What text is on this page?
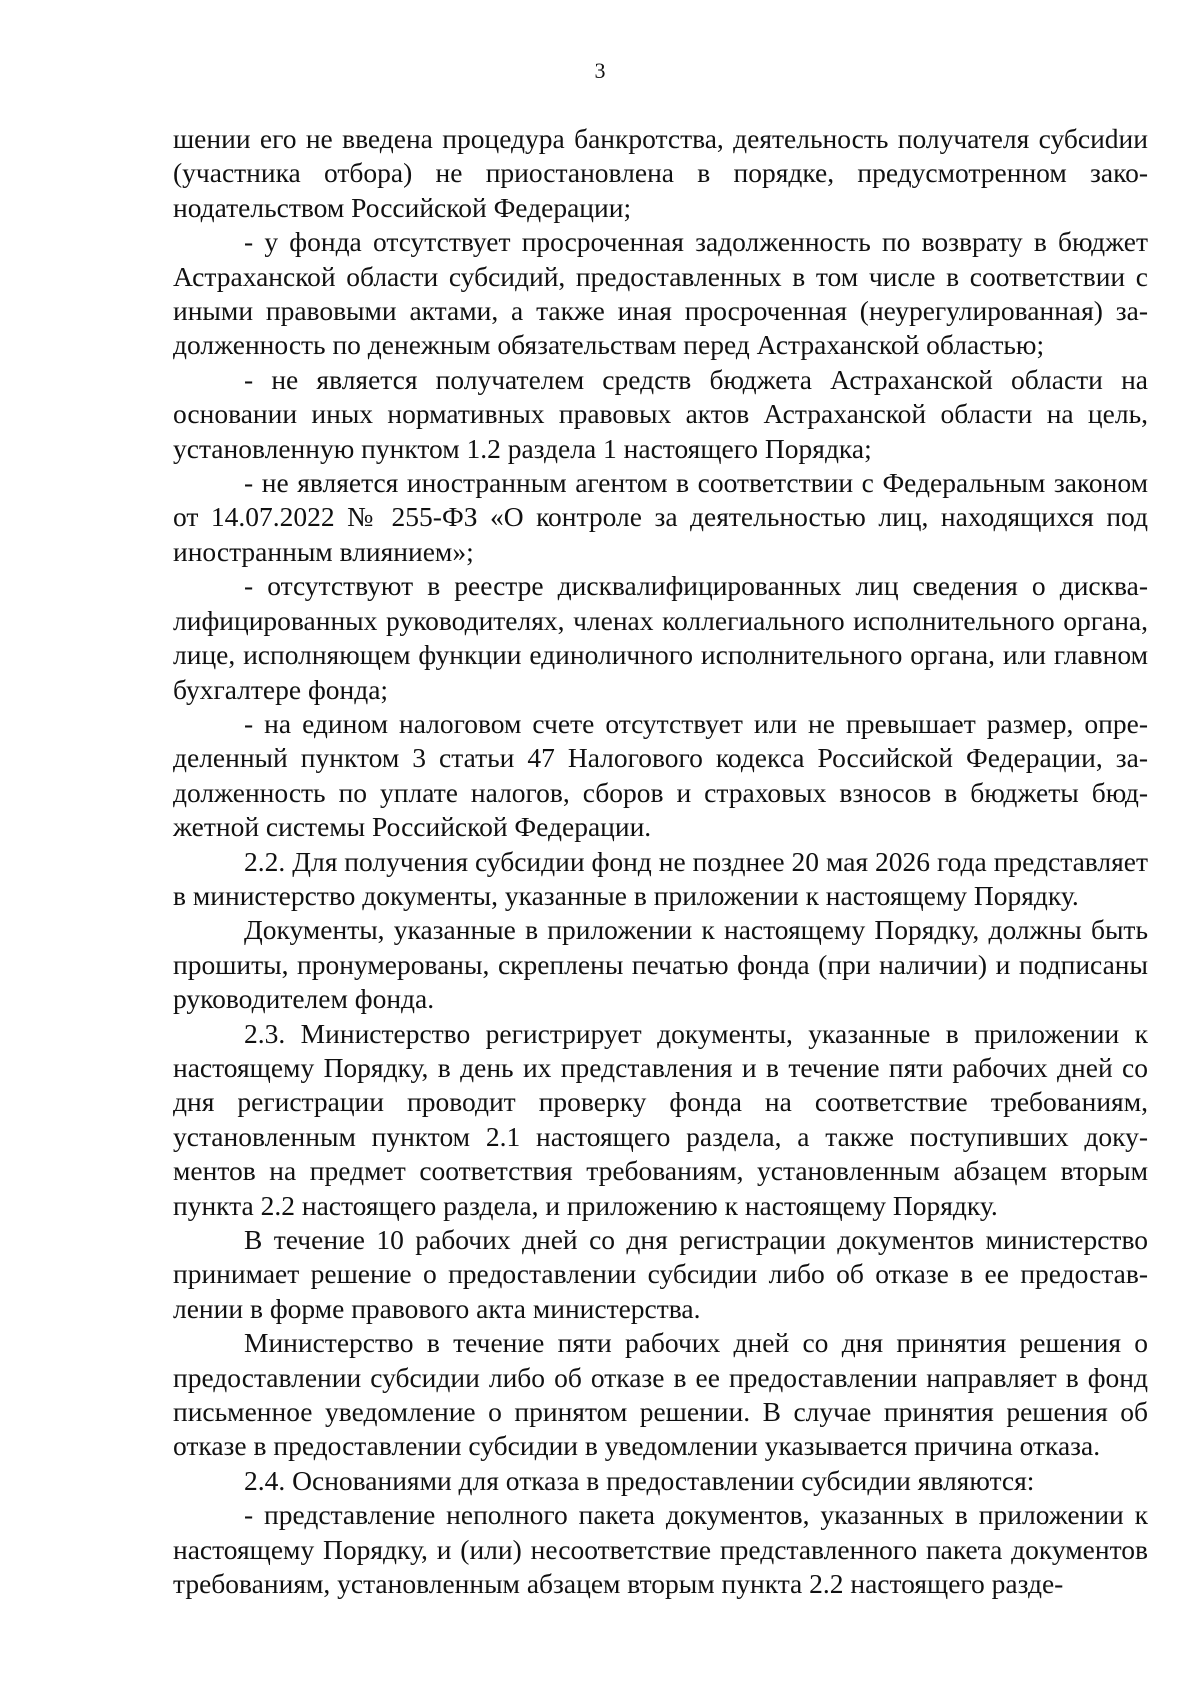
3

шении его не введена процедура банкротства, деятельность получателя субсиdии (участника отбора) не приостановлена в порядке, предусмотренном законодательством Российской Федерации;

- у фонда отсутствует просроченная задолженность по возврату в бюджет Астраханской области субсидий, предоставленных в том числе в соответствии с иными правовыми актами, а также иная просроченная (неурегулированная) задолженность по денежным обязательствам перед Астраханской областью;

- не является получателем средств бюджета Астраханской области на основании иных нормативных правовых актов Астраханской области на цель, установленную пунктом 1.2 раздела 1 настоящего Порядка;

- не является иностранным агентом в соответствии с Федеральным законом от 14.07.2022 № 255-ФЗ «О контроле за деятельностью лиц, находящихся под иностранным влиянием»;

- отсутствуют в реестре дисквалифицированных лиц сведения о дисквалифицированных руководителях, членах коллегиального исполнительного органа, лице, исполняющем функции единоличного исполнительного органа, или главном бухгалтере фонда;

- на едином налоговом счете отсутствует или не превышает размер, определенный пунктом 3 статьи 47 Налогового кодекса Российской Федерации, задолженность по уплате налогов, сборов и страховых взносов в бюджеты бюджетной системы Российской Федерации.

2.2. Для получения субсидии фонд не позднее 20 мая 2026 года представляет в министерство документы, указанные в приложении к настоящему Порядку.

Документы, указанные в приложении к настоящему Порядку, должны быть прошиты, пронумерованы, скреплены печатью фонда (при наличии) и подписаны руководителем фонда.

2.3. Министерство регистрирует документы, указанные в приложении к настоящему Порядку, в день их представления и в течение пяти рабочих дней со дня регистрации проводит проверку фонда на соответствие требованиям, установленным пунктом 2.1 настоящего раздела, а также поступивших документов на предмет соответствия требованиям, установленным абзацем вторым пункта 2.2 настоящего раздела, и приложению к настоящему Порядку.

В течение 10 рабочих дней со дня регистрации документов министерство принимает решение о предоставлении субсидии либо об отказе в ее предоставлении в форме правового акта министерства.

Министерство в течение пяти рабочих дней со дня принятия решения о предоставлении субсидии либо об отказе в ее предоставлении направляет в фонд письменное уведомление о принятом решении. В случае принятия решения об отказе в предоставлении субсидии в уведомлении указывается причина отказа.

2.4. Основаниями для отказа в предоставлении субсидии являются:

- представление неполного пакета документов, указанных в приложении к настоящему Порядку, и (или) несоответствие представленного пакета документов требованиям, установленным абзацем вторым пункта 2.2 настоящего разде-
